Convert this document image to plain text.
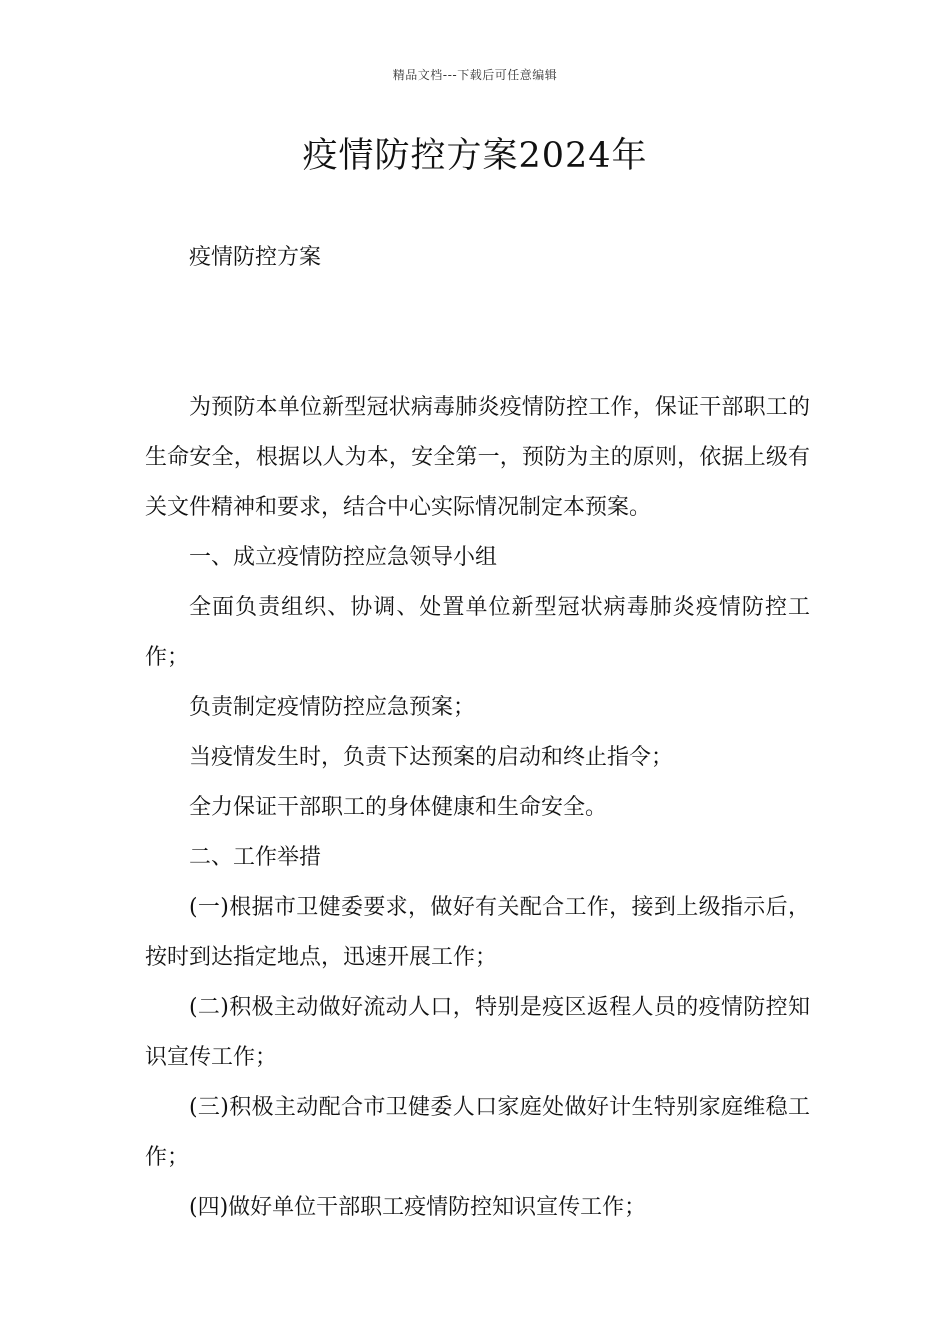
精品文档---下载后可任意编辑
疫情防控方案2024年

疫情防控方案

为预防本单位新型冠状病毒肺炎疫情防控工作，保证干部职工的生命安全，根据以人为本，安全第一，预防为主的原则，依据上级有关文件精神和要求，结合中心实际情况制定本预案。

一、成立疫情防控应急领导小组

全面负责组织、协调、处置单位新型冠状病毒肺炎疫情防控工作；

负责制定疫情防控应急预案；

当疫情发生时，负责下达预案的启动和终止指令；

全力保证干部职工的身体健康和生命安全。

二、工作举措

(一)根据市卫健委要求，做好有关配合工作，接到上级指示后，按时到达指定地点，迅速开展工作；

(二)积极主动做好流动人口，特别是疫区返程人员的疫情防控知识宣传工作；

(三)积极主动配合市卫健委人口家庭处做好计生特别家庭维稳工作；

(四)做好单位干部职工疫情防控知识宣传工作；
